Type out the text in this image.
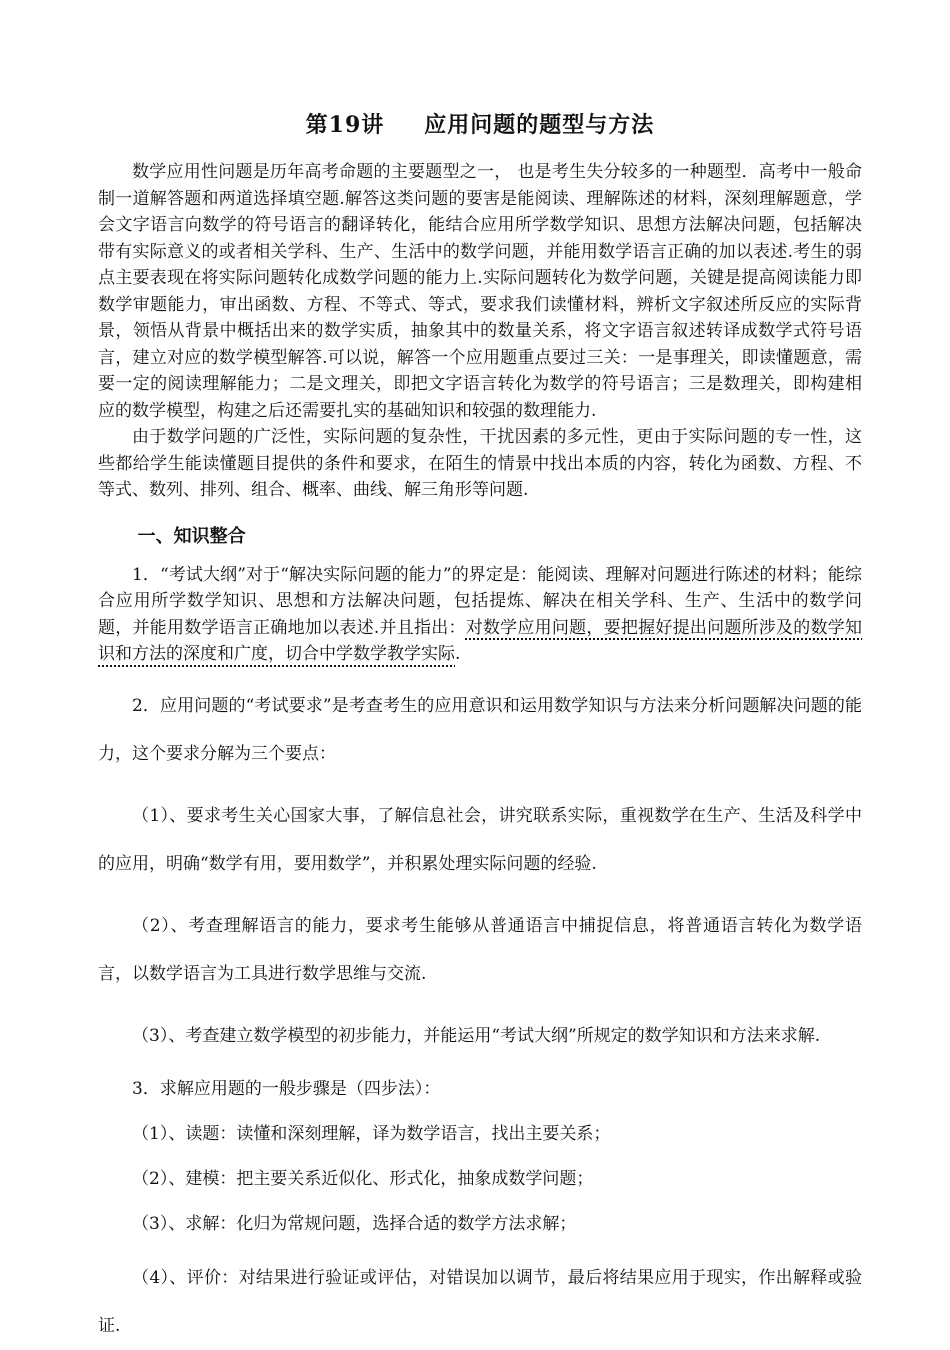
第19讲 应用问题的题型与方法

数学应用性问题是历年高考命题的主要题型之一， 也是考生失分较多的一种题型．高考中一般命制一道解答题和两道选择填空题.解答这类问题的要害是能阅读、理解陈述的材料，深刻理解题意，学会文字语言向数学的符号语言的翻译转化，能结合应用所学数学知识、思想方法解决问题，包括解决带有实际意义的或者相关学科、生产、生活中的数学问题，并能用数学语言正确的加以表述.考生的弱点主要表现在将实际问题转化成数学问题的能力上.实际问题转化为数学问题，关键是提高阅读能力即数学审题能力，审出函数、方程、不等式、等式，要求我们读懂材料，辨析文字叙述所反应的实际背景，领悟从背景中概括出来的数学实质，抽象其中的数量关系，将文字语言叙述转译成数学式符号语言，建立对应的数学模型解答.可以说，解答一个应用题重点要过三关：一是事理关，即读懂题意，需要一定的阅读理解能力；二是文理关，即把文字语言转化为数学的符号语言；三是数理关，即构建相应的数学模型，构建之后还需要扎实的基础知识和较强的数理能力.

由于数学问题的广泛性，实际问题的复杂性，干扰因素的多元性，更由于实际问题的专一性，这些都给学生能读懂题目提供的条件和要求，在陌生的情景中找出本质的内容，转化为函数、方程、不等式、数列、排列、组合、概率、曲线、解三角形等问题.

一、知识整合

1．“考试大纲”对于“解决实际问题的能力”的界定是：能阅读、理解对问题进行陈述的材料；能综合应用所学数学知识、思想和方法解决问题，包括提炼、解决在相关学科、生产、生活中的数学问题，并能用数学语言正确地加以表述.并且指出：对数学应用问题，要把握好提出问题所涉及的数学知识和方法的深度和广度，切合中学数学教学实际.

2．应用问题的“考试要求”是考查考生的应用意识和运用数学知识与方法来分析问题解决问题的能力，这个要求分解为三个要点：

（1）、要求考生关心国家大事，了解信息社会，讲究联系实际，重视数学在生产、生活及科学中的应用，明确“数学有用，要用数学”，并积累处理实际问题的经验.

（2）、考查理解语言的能力，要求考生能够从普通语言中捕捉信息，将普通语言转化为数学语言，以数学语言为工具进行数学思维与交流.

（3）、考查建立数学模型的初步能力，并能运用“考试大纲”所规定的数学知识和方法来求解.

3．求解应用题的一般步骤是（四步法）：

（1）、读题：读懂和深刻理解，译为数学语言，找出主要关系；

（2）、建模：把主要关系近似化、形式化，抽象成数学问题；

（3）、求解：化归为常规问题，选择合适的数学方法求解；

（4）、评价：对结果进行验证或评估，对错误加以调节，最后将结果应用于现实，作出解释或验证.
